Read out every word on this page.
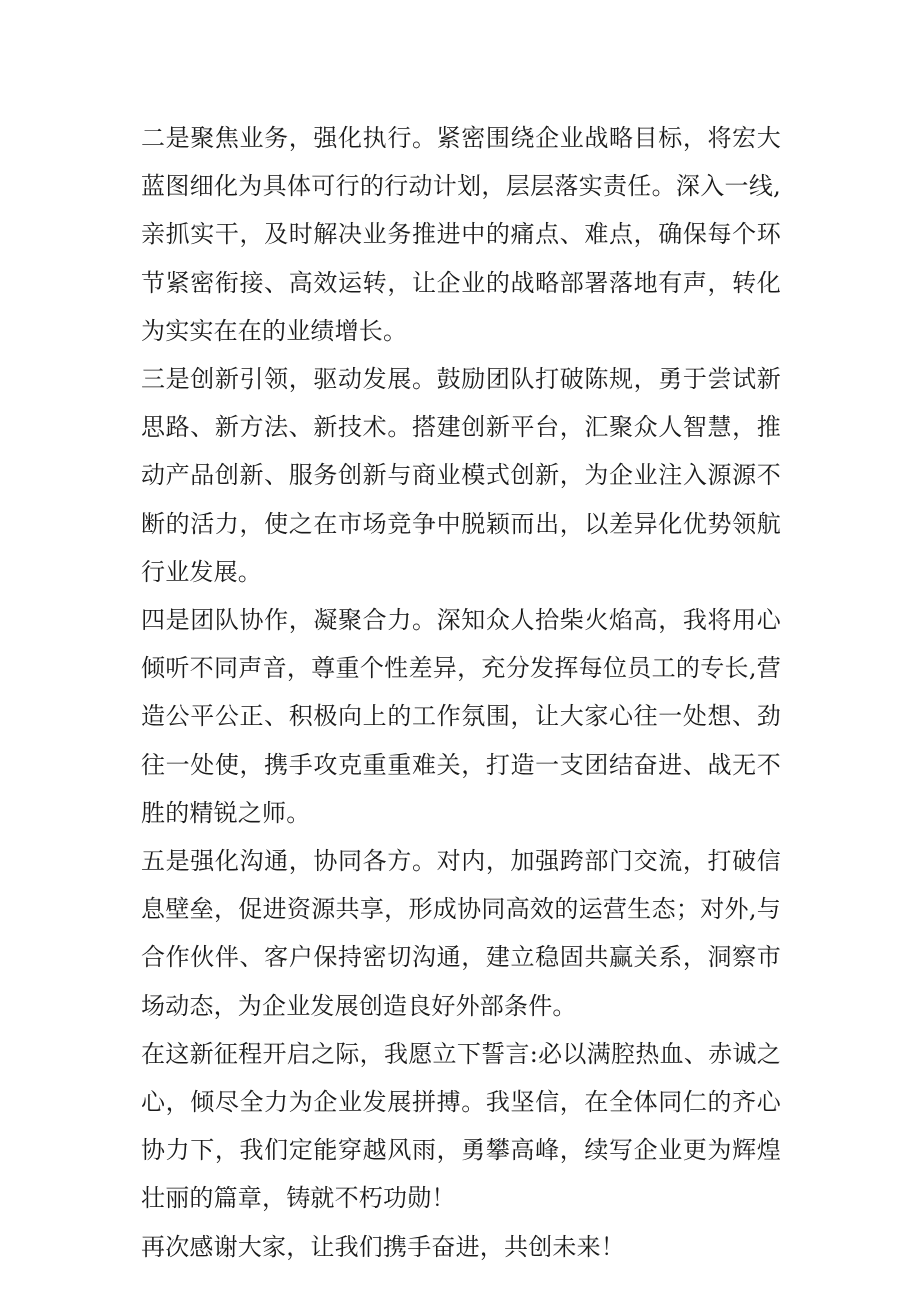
二是聚焦业务，强化执行。紧密围绕企业战略目标，将宏大蓝图细化为具体可行的行动计划，层层落实责任。深入一线,亲抓实干，及时解决业务推进中的痛点、难点，确保每个环节紧密衔接、高效运转，让企业的战略部署落地有声，转化为实实在在的业绩增长。

三是创新引领，驱动发展。鼓励团队打破陈规，勇于尝试新思路、新方法、新技术。搭建创新平台，汇聚众人智慧，推动产品创新、服务创新与商业模式创新，为企业注入源源不断的活力，使之在市场竞争中脱颖而出，以差异化优势领航行业发展。

四是团队协作，凝聚合力。深知众人拾柴火焰高，我将用心倾听不同声音，尊重个性差异，充分发挥每位员工的专长,营造公平公正、积极向上的工作氛围，让大家心往一处想、劲往一处使，携手攻克重重难关，打造一支团结奋进、战无不胜的精锐之师。

五是强化沟通，协同各方。对内，加强跨部门交流，打破信息壁垒，促进资源共享，形成协同高效的运营生态；对外,与合作伙伴、客户保持密切沟通，建立稳固共赢关系，洞察市场动态，为企业发展创造良好外部条件。

在这新征程开启之际，我愿立下誓言:必以满腔热血、赤诚之心，倾尽全力为企业发展拼搏。我坚信，在全体同仁的齐心协力下，我们定能穿越风雨，勇攀高峰，续写企业更为辉煌壮丽的篇章，铸就不朽功勋！

再次感谢大家，让我们携手奋进，共创未来！
